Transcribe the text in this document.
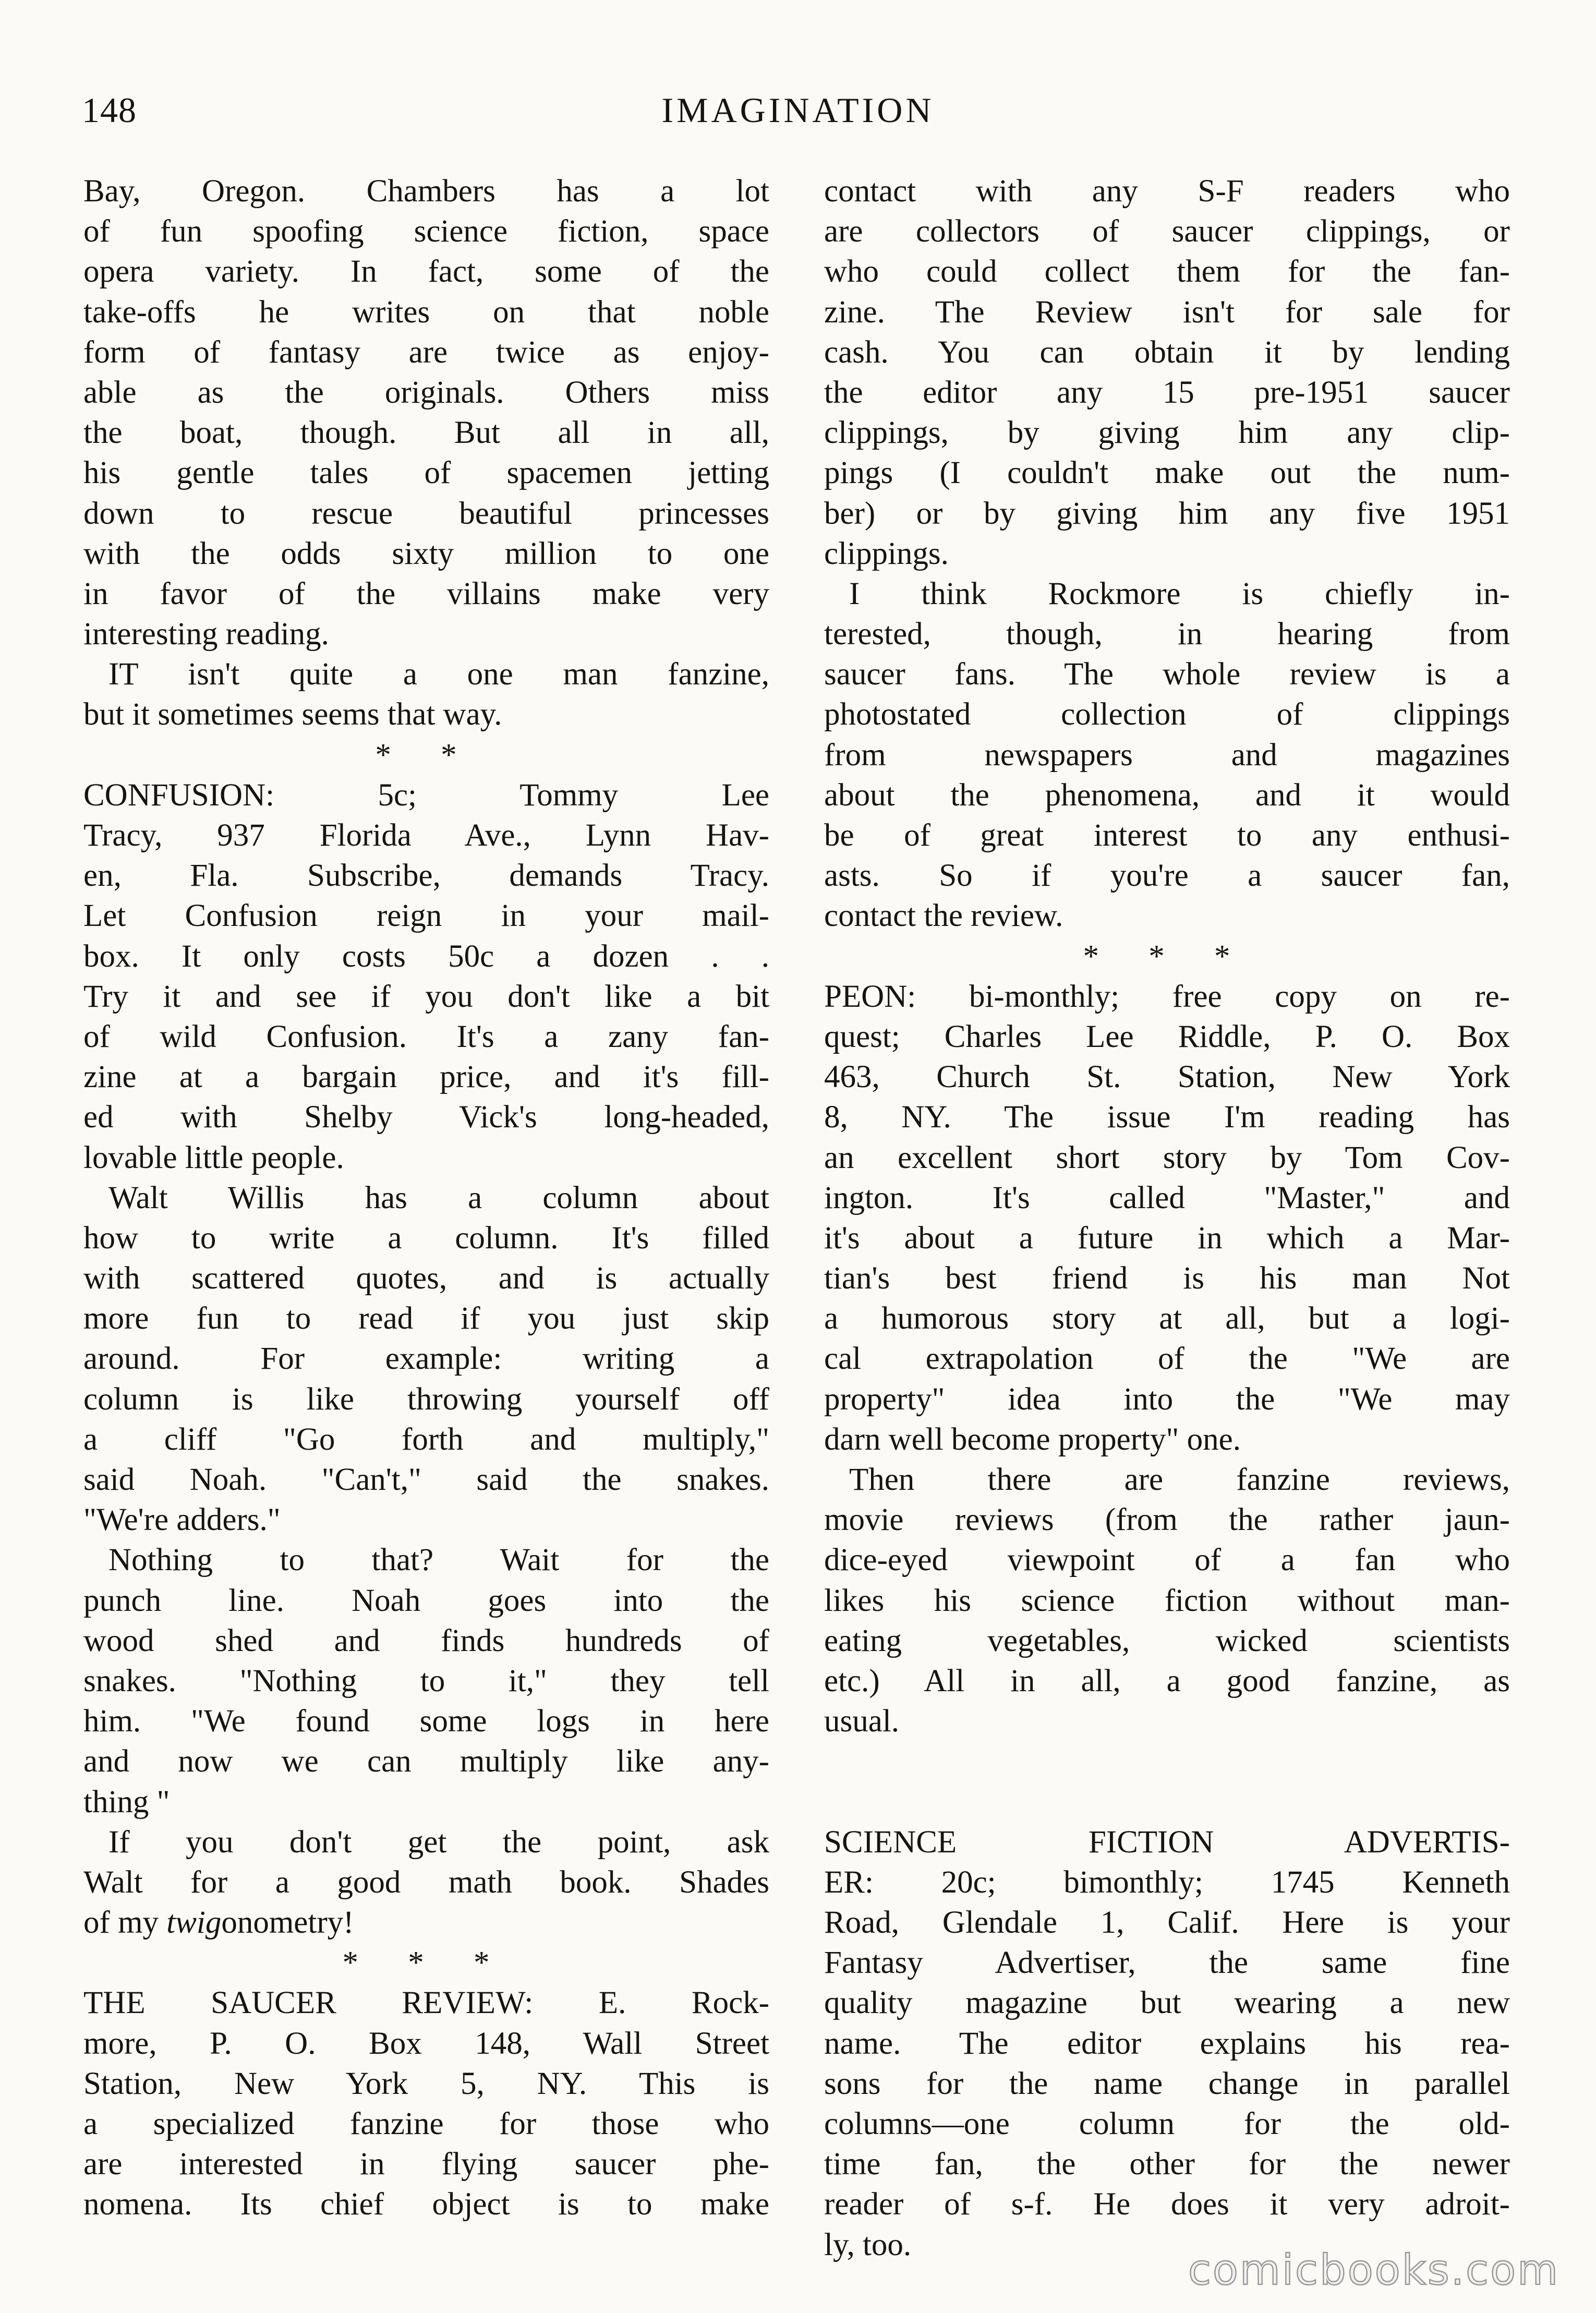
148	IMAGINATION
Bay, Oregon. Chambers has a lot
of fun spoofing science fiction, space
opera variety. In fact, some of the
take-offs he writes on that noble
form of fantasy are twice as enjoy-
able as the originals. Others miss
the boat, though. But all in all,
his gentle tales of spacemen jetting
down to rescue beautiful princesses
with the odds sixty million to one
in favor of the villains make very
interesting reading.
IT isn't quite a one man fanzine,
but it sometimes seems that way.
* *
CONFUSION: 5c; Tommy Lee
Tracy, 937 Florida Ave., Lynn Hav-
en, Fla. Subscribe, demands Tracy.
Let Confusion reign in your mail-
box. It only costs 50c a dozen . .
Try it and see if you don't like a bit
of wild Confusion. It's a zany fan-
zine at a bargain price, and it's fill-
ed with Shelby Vick's long-headed,
lovable little people.
Walt Willis has a column about
how to write a column. It's filled
with scattered quotes, and is actually
more fun to read if you just skip
around. For example: writing a
column is like throwing yourself off
a cliff "Go forth and multiply,"
said Noah. "Can't," said the snakes.
"We're adders."
Nothing to that? Wait for the
punch line. Noah goes into the
wood shed and finds hundreds of
snakes. "Nothing to it," they tell
him. "We found some logs in here
and now we can multiply like any-
thing "
If you don't get the point, ask
Walt for a good math book. Shades
of my twigonometry!
* * *
THE SAUCER REVIEW: E. Rock-
more, P. O. Box 148, Wall Street
Station, New York 5, NY. This is
a specialized fanzine for those who
are interested in flying saucer phe-
nomena. Its chief object is to make
contact with any S-F readers who
are collectors of saucer clippings, or
who could collect them for the fan-
zine. The Review isn't for sale for
cash. You can obtain it by lending
the editor any 15 pre-1951 saucer
clippings, by giving him any clip-
pings (I couldn't make out the num-
ber) or by giving him any five 1951
clippings.
I think Rockmore is chiefly in-
terested, though, in hearing from
saucer fans. The whole review is a
photostated collection of clippings
from newspapers and magazines
about the phenomena, and it would
be of great interest to any enthusi-
asts. So if you're a saucer fan,
contact the review.
* * *
PEON: bi-monthly; free copy on re-
quest; Charles Lee Riddle, P. O. Box
463, Church St. Station, New York
8, NY. The issue I'm reading has
an excellent short story by Tom Cov-
ington. It's called "Master," and
it's about a future in which a Mar-
tian's best friend is his man Not
a humorous story at all, but a logi-
cal extrapolation of the "We are
property" idea into the "We may
darn well become property" one.
Then there are fanzine reviews,
movie reviews (from the rather jaun-
dice-eyed viewpoint of a fan who
likes his science fiction without man-
eating vegetables, wicked scientists
etc.) All in all, a good fanzine, as
usual.
SCIENCE FICTION ADVERTIS-
ER: 20c; bimonthly; 1745 Kenneth
Road, Glendale 1, Calif. Here is your
Fantasy Advertiser, the same fine
quality magazine but wearing a new
name. The editor explains his rea-
sons for the name change in parallel
columns—one column for the old-
time fan, the other for the newer
reader of s-f. He does it very adroit-
ly, too.
comicbooks.com
